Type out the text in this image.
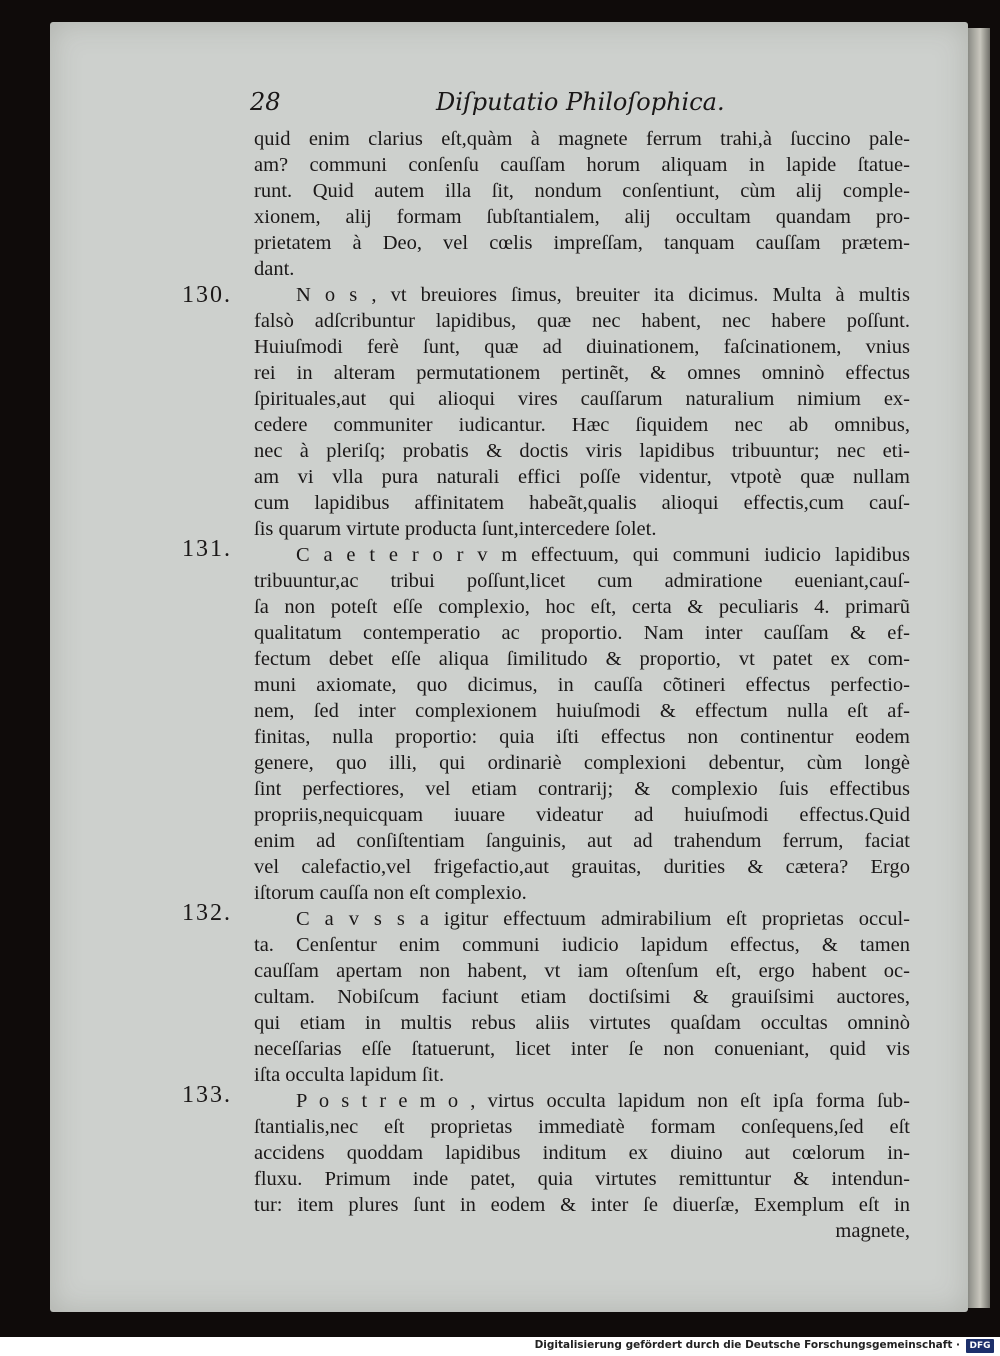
28	Diſputatio Philoſophica.
quid enim clarius eſt,quàm à magnete ferrum trahi,à ſuccino pale-
am? communi conſenſu cauſſam horum aliquam in lapide ſtatue-
runt. Quid autem illa ſit, nondum conſentiunt, cùm alij comple-
xionem, alij formam ſubſtantialem, alij occultam quandam pro-
prietatem à Deo, vel cœlis impreſſam, tanquam cauſſam prætem-
dant.
130.	N o s , vt breuiores ſimus, breuiter ita dicimus. Multa à multis
falsò adſcribuntur lapidibus, quæ nec habent, nec habere poſſunt.
Huiuſmodi ferè ſunt, quæ ad diuinationem, faſcinationem, vnius
rei in alteram permutationem pertinẽt, & omnes omninò effectus
ſpirituales,aut qui alioqui vires cauſſarum naturalium nimium ex-
cedere communiter iudicantur. Hæc ſiquidem nec ab omnibus,
nec à pleriſq; probatis & doctis viris lapidibus tribuuntur; nec eti-
am vi vlla pura naturali effici poſſe videntur, vtpotè quæ nullam
cum lapidibus affinitatem habeãt,qualis alioqui effectis,cum cauſ-
ſis quarum virtute producta ſunt,intercedere ſolet.
131.	C a e t e r o r v m effectuum, qui communi iudicio lapidibus
tribuuntur,ac tribui poſſunt,licet cum admiratione eueniant,cauſ-
ſa non poteſt eſſe complexio, hoc eſt, certa & peculiaris 4. primarũ
qualitatum contemperatio ac proportio. Nam inter cauſſam & ef-
fectum debet eſſe aliqua ſimilitudo & proportio, vt patet ex com-
muni axiomate, quo dicimus, in cauſſa cõtineri effectus perfectio-
nem, ſed inter complexionem huiuſmodi & effectum nulla eſt af-
finitas, nulla proportio: quia iſti effectus non continentur eodem
genere, quo illi, qui ordinariè complexioni debentur, cùm longè
ſint perfectiores, vel etiam contrarij; & complexio ſuis effectibus
propriis,nequicquam iuuare videatur ad huiuſmodi effectus.Quid
enim ad conſiſtentiam ſanguinis, aut ad trahendum ferrum, faciat
vel calefactio,vel frigefactio,aut grauitas, durities & cætera? Ergo
iſtorum cauſſa non eſt complexio.
132.	C a v s s a igitur effectuum admirabilium eſt proprietas occul-
ta. Cenſentur enim communi iudicio lapidum effectus, & tamen
cauſſam apertam non habent, vt iam oſtenſum eſt, ergo habent oc-
cultam. Nobiſcum faciunt etiam doctiſsimi & grauiſsimi auctores,
qui etiam in multis rebus aliis virtutes quaſdam occultas omninò
neceſſarias eſſe ſtatuerunt, licet inter ſe non conueniant, quid vis
iſta occulta lapidum ſit.
133.	P o s t r e m o , virtus occulta lapidum non eſt ipſa forma ſub-
ſtantialis,nec eſt proprietas immediatè formam conſequens,ſed eſt
accidens quoddam lapidibus inditum ex diuino aut cœlorum in-
fluxu. Primum inde patet, quia virtutes remittuntur & intendun-
tur: item plures ſunt in eodem & inter ſe diuerſæ, Exemplum eſt in
magnete,
Digitalisierung gefördert durch die Deutsche Forschungsgemeinschaft ·	DFG
